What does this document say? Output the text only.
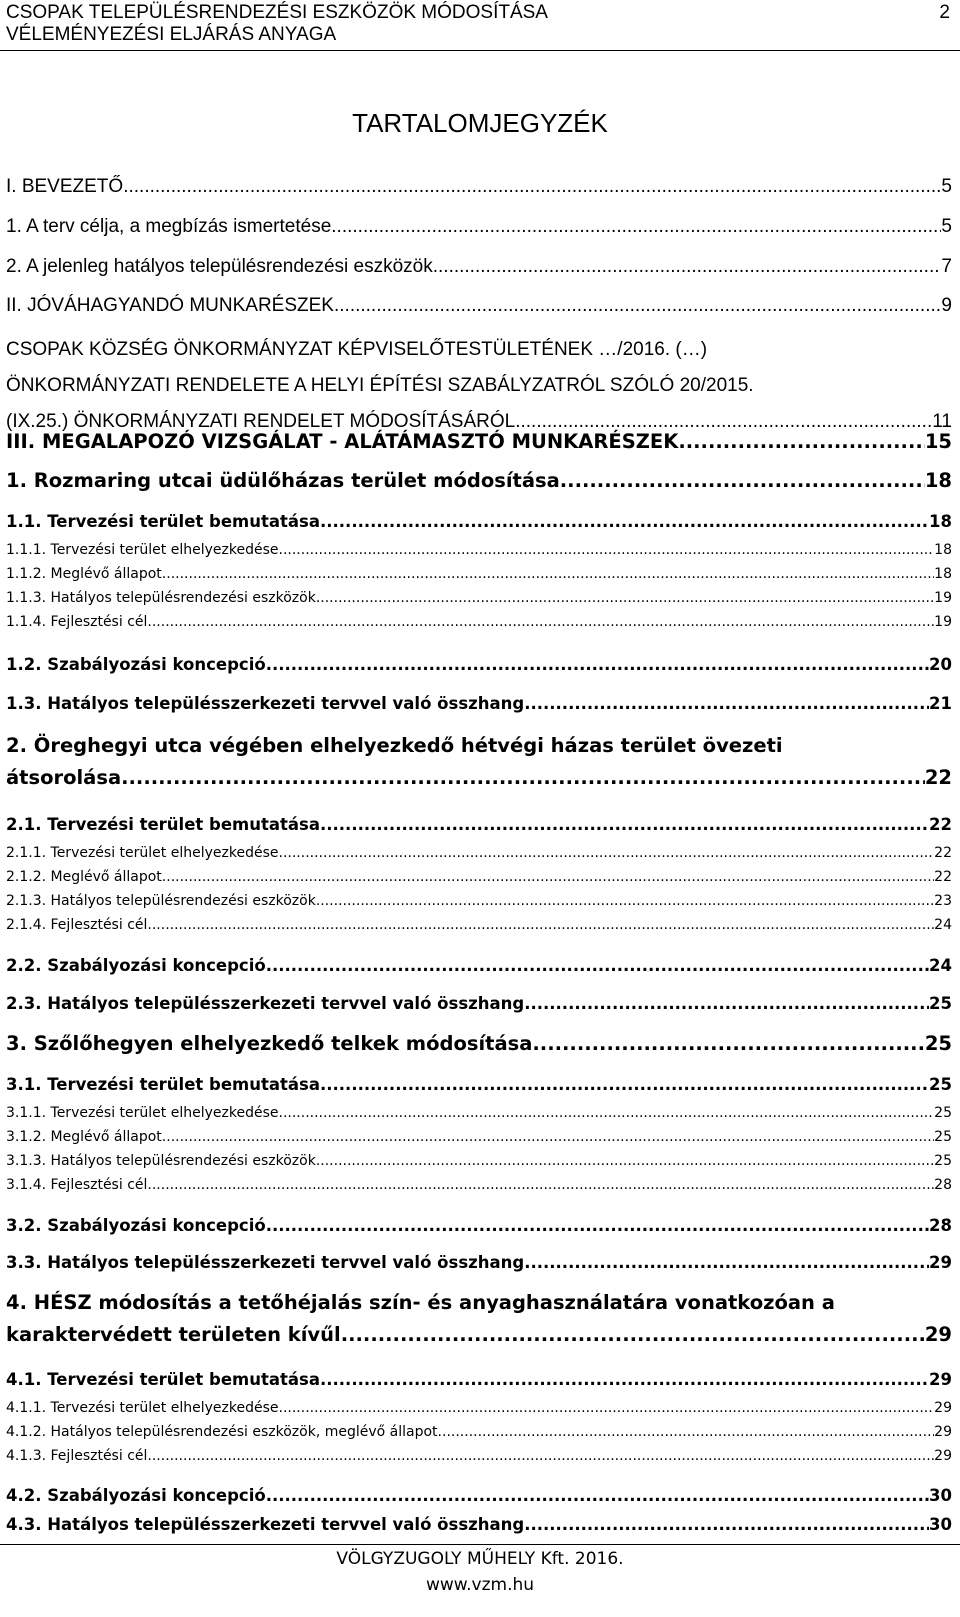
CSOPAK TELEPÜLÉSRENDEZÉSI ESZKÖZÖK MÓDOSÍTÁSA
VÉLEMÉNYEZÉSI ELJÁRÁS ANYAGA
2
TARTALOMJEGYZÉK
I. BEVEZETŐ .....	5
1. A terv célja, a megbízás ismertetése .....	5
2. A jelenleg hatályos településrendezési eszközök .....	7
II. JÓVÁHAGYANDÓ MUNKARÉSZEK .....	9
CSOPAK KÖZSÉG ÖNKORMÁNYZAT KÉPVISELŐTESTÜLETÉNEK …/2016. (…)
ÖNKORMÁNYZATI RENDELETE A HELYI ÉPÍTÉSI SZABÁLYZATRÓL SZÓLÓ 20/2015.
(IX.25.) ÖNKORMÁNYZATI RENDELET MÓDOSÍTÁSÁRÓL .....	11
III. MEGALAPOZÓ VIZSGÁLAT - ALÁTÁMASZTÓ MUNKARÉSZEK .....	15
1. Rozmaring utcai üdülőházas terület módosítása .....	18
1.1. Tervezési terület bemutatása .....	18
1.1.1. Tervezési terület elhelyezkedése .....	18
1.1.2. Meglévő állapot .....	18
1.1.3. Hatályos településrendezési eszközök .....	19
1.1.4. Fejlesztési cél .....	19
1.2. Szabályozási koncepció .....	20
1.3. Hatályos településszerkezeti tervvel való összhang .....	21
2. Öreghegyi utca végében elhelyezkedő hétvégi házas terület övezeti
átsorolása .....	22
2.1. Tervezési terület bemutatása .....	22
2.1.1. Tervezési terület elhelyezkedése .....	22
2.1.2. Meglévő állapot .....	22
2.1.3. Hatályos településrendezési eszközök .....	23
2.1.4. Fejlesztési cél .....	24
2.2. Szabályozási koncepció .....	24
2.3. Hatályos településszerkezeti tervvel való összhang .....	25
3. Szőlőhegyen elhelyezkedő telkek módosítása .....	25
3.1. Tervezési terület bemutatása .....	25
3.1.1. Tervezési terület elhelyezkedése .....	25
3.1.2. Meglévő állapot .....	25
3.1.3. Hatályos településrendezési eszközök .....	25
3.1.4. Fejlesztési cél .....	28
3.2. Szabályozási koncepció .....	28
3.3. Hatályos településszerkezeti tervvel való összhang .....	29
4. HÉSZ módosítás a tetőhéjalás szín- és anyaghasználatára vonatkozóan a
karaktervédett területen kívűl .....	29
4.1. Tervezési terület bemutatása .....	29
4.1.1. Tervezési terület elhelyezkedése .....	29
4.1.2. Hatályos településrendezési eszközök, meglévő állapot .....	29
4.1.3. Fejlesztési cél .....	29
4.2. Szabályozási koncepció .....	30
4.3. Hatályos településszerkezeti tervvel való összhang .....	30
VÖLGYZUGOLY MŰHELY Kft. 2016.
www.vzm.hu
